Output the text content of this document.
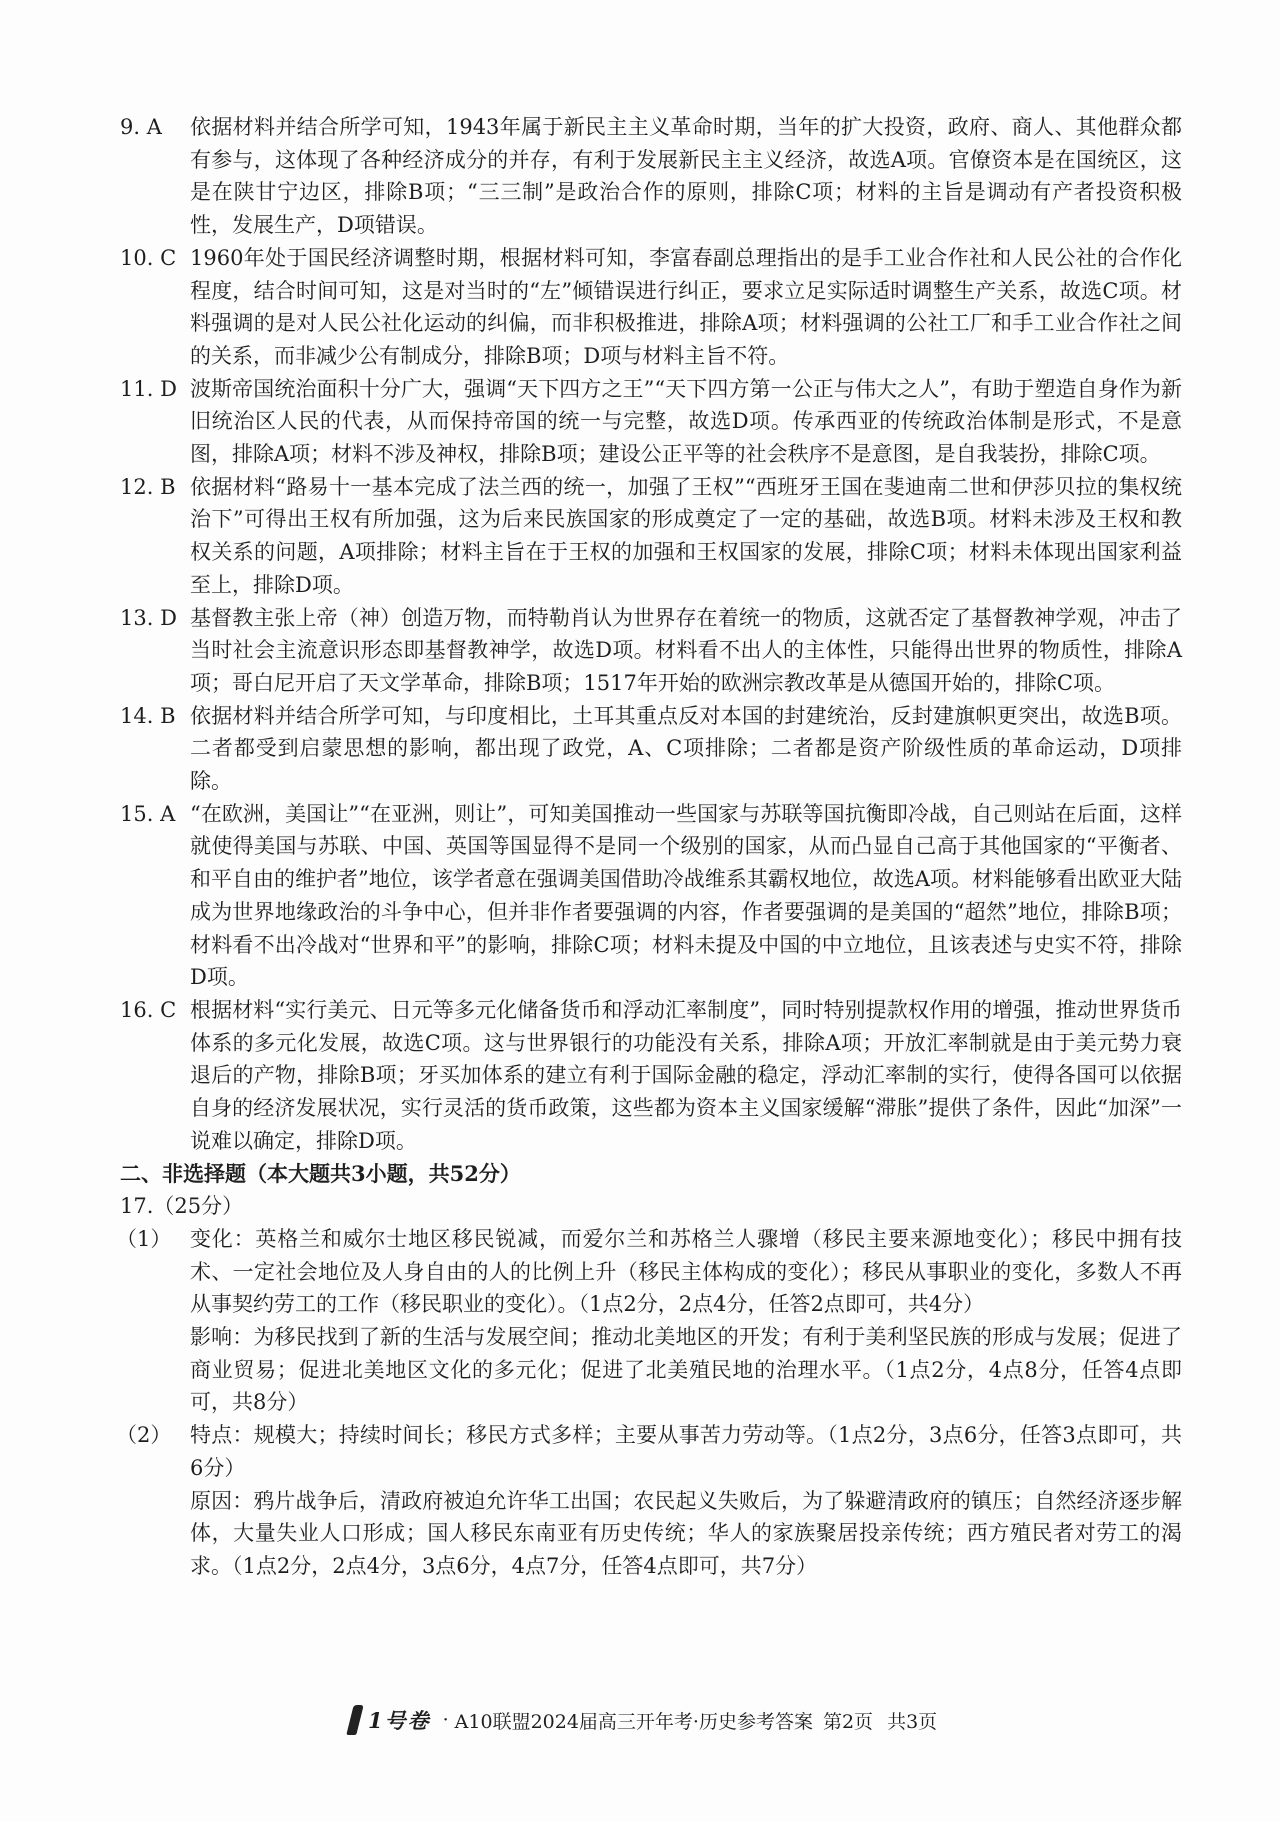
9. A	依据材料并结合所学可知，1943年属于新民主主义革命时期，当年的扩大投资，政府、商人、其他群众都有参与，这体现了各种经济成分的并存，有利于发展新民主主义经济，故选A项。官僚资本是在国统区，这是在陕甘宁边区，排除B项；“三三制”是政治合作的原则，排除C项；材料的主旨是调动有产者投资积极性，发展生产，D项错误。
10. C 1960年处于国民经济调整时期，根据材料可知，李富春副总理指出的是手工业合作社和人民公社的合作化程度，结合时间可知，这是对当时的“左”倾错误进行纠正，要求立足实际适时调整生产关系，故选C项。材料强调的是对人民公社化运动的纠偏，而非积极推进，排除A项；材料强调的公社工厂和手工业合作社之间的关系，而非减少公有制成分，排除B项；D项与材料主旨不符。
11. D 波斯帝国统治面积十分广大，强调“天下四方之王”“天下四方第一公正与伟大之人”，有助于塑造自身作为新旧统治区人民的代表，从而保持帝国的统一与完整，故选D项。传承西亚的传统政治体制是形式，不是意图，排除A项；材料不涉及神权，排除B项；建设公正平等的社会秩序不是意图，是自我装扮，排除C项。
12. B 依据材料“路易十一基本完成了法兰西的统一，加强了王权”“西班牙王国在斐迪南二世和伊莎贝拉的集权统治下”可得出王权有所加强，这为后来民族国家的形成奠定了一定的基础，故选B项。材料未涉及王权和教权关系的问题，A项排除；材料主旨在于王权的加强和王权国家的发展，排除C项；材料未体现出国家利益至上，排除D项。
13. D 基督教主张上帝（神）创造万物，而特勒肖认为世界存在着统一的物质，这就否定了基督教神学观，冲击了当时社会主流意识形态即基督教神学，故选D项。材料看不出人的主体性，只能得出世界的物质性，排除A项；哥白尼开启了天文学革命，排除B项；1517年开始的欧洲宗教改革是从德国开始的，排除C项。
14. B 依据材料并结合所学可知，与印度相比，土耳其重点反对本国的封建统治，反封建旗帜更突出，故选B项。二者都受到启蒙思想的影响，都出现了政党，A、C项排除；二者都是资产阶级性质的革命运动，D项排除。
15. A “在欧洲，美国让”“在亚洲，则让”，可知美国推动一些国家与苏联等国抗衡即冷战，自己则站在后面，这样就使得美国与苏联、中国、英国等国显得不是同一个级别的国家，从而凸显自己高于其他国家的“平衡者、和平自由的维护者”地位，该学者意在强调美国借助冷战维系其霸权地位，故选A项。材料能够看出欧亚大陆成为世界地缘政治的斗争中心，但并非作者要强调的内容，作者要强调的是美国的“超然”地位，排除B项；材料看不出冷战对“世界和平”的影响，排除C项；材料未提及中国的中立地位，且该表述与史实不符，排除D项。
16. C 根据材料“实行美元、日元等多元化储备货币和浮动汇率制度”，同时特别提款权作用的增强，推动世界货币体系的多元化发展，故选C项。这与世界银行的功能没有关系，排除A项；开放汇率制就是由于美元势力衰退后的产物，排除B项；牙买加体系的建立有利于国际金融的稳定，浮动汇率制的实行，使得各国可以依据自身的经济发展状况，实行灵活的货币政策，这些都为资本主义国家缓解“滞胀”提供了条件，因此“加深”一说难以确定，排除D项。
二、非选择题（本大题共3小题，共52分）
17.（25分）
（1） 变化：英格兰和威尔士地区移民锐减，而爱尔兰和苏格兰人骤增（移民主要来源地变化）；移民中拥有技术、一定社会地位及人身自由的人的比例上升（移民主体构成的变化）；移民从事职业的变化，多数人不再从事契约劳工的工作（移民职业的变化）。（1点2分，2点4分，任答2点即可，共4分）

影响：为移民找到了新的生活与发展空间；推动北美地区的开发；有利于美利坚民族的形成与发展；促进了商业贸易；促进北美地区文化的多元化；促进了北美殖民地的治理水平。（1点2分，4点8分，任答4点即可，共8分）

（2） 特点：规模大；持续时间长；移民方式多样；主要从事苦力劳动等。（1点2分，3点6分，任答3点即可，共6分）

原因：鸦片战争后，清政府被迫允许华工出国；农民起义失败后，为了躲避清政府的镇压；自然经济逐步解体，大量失业人口形成；国人移民东南亚有历史传统；华人的家族聚居投亲传统；西方殖民者对劳工的渴求。（1点2分，2点4分，3点6分，4点7分，任答4点即可，共7分）

1号卷 · A10联盟2024届高三开年考·历史参考答案 第2页 共3页
